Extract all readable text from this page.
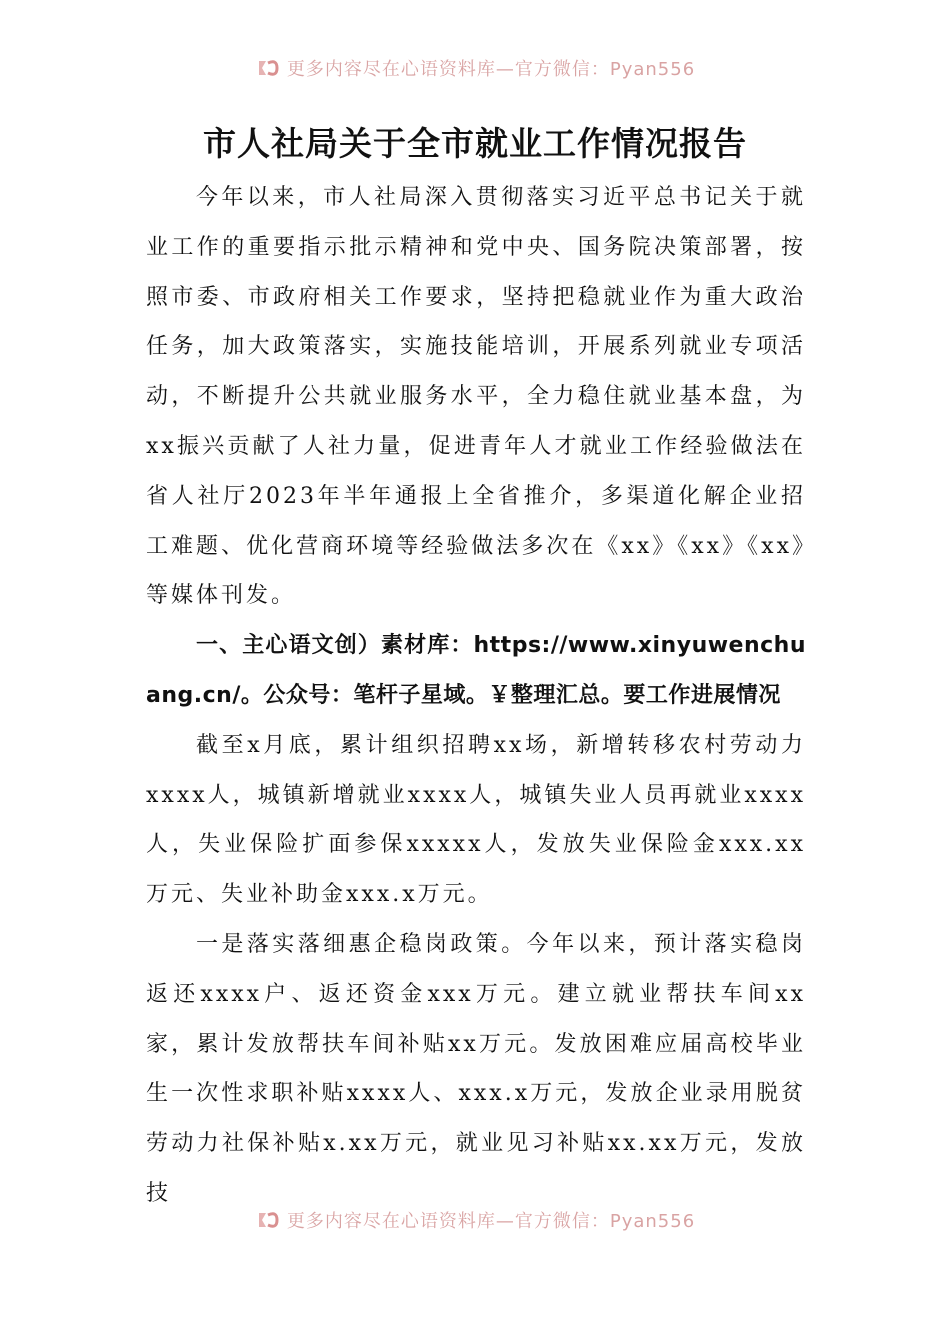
更多内容尽在心语资料库—官方微信：Pyan556
市人社局关于全市就业工作情况报告

今年以来，市人社局深入贯彻落实习近平总书记关于就业工作的重要指示批示精神和党中央、国务院决策部署，按照市委、市政府相关工作要求，坚持把稳就业作为重大政治任务，加大政策落实，实施技能培训，开展系列就业专项活动，不断提升公共就业服务水平，全力稳住就业基本盘，为xx振兴贡献了人社力量，促进青年人才就业工作经验做法在省人社厅2023年半年通报上全省推介，多渠道化解企业招工难题、优化营商环境等经验做法多次在《xx》《xx》《xx》等媒体刊发。

一、主心语文创）素材库：https://www.xinyuwenchuang.cn/。公众号：笔杆子星域。￥整理汇总。要工作进展情况

截至x月底，累计组织招聘xx场，新增转移农村劳动力xxxx人，城镇新增就业xxxx人，城镇失业人员再就业xxxx人，失业保险扩面参保xxxxx人，发放失业保险金xxx.xx万元、失业补助金xxx.x万元。

一是落实落细惠企稳岗政策。今年以来，预计落实稳岗返还xxxx户、返还资金xxx万元。建立就业帮扶车间xx家，累计发放帮扶车间补贴xx万元。发放困难应届高校毕业生一次性求职补贴xxxx人、xxx.x万元，发放企业录用脱贫劳动力社保补贴x.xx万元，就业见习补贴xx.xx万元，发放技

更多内容尽在心语资料库—官方微信：Pyan556
